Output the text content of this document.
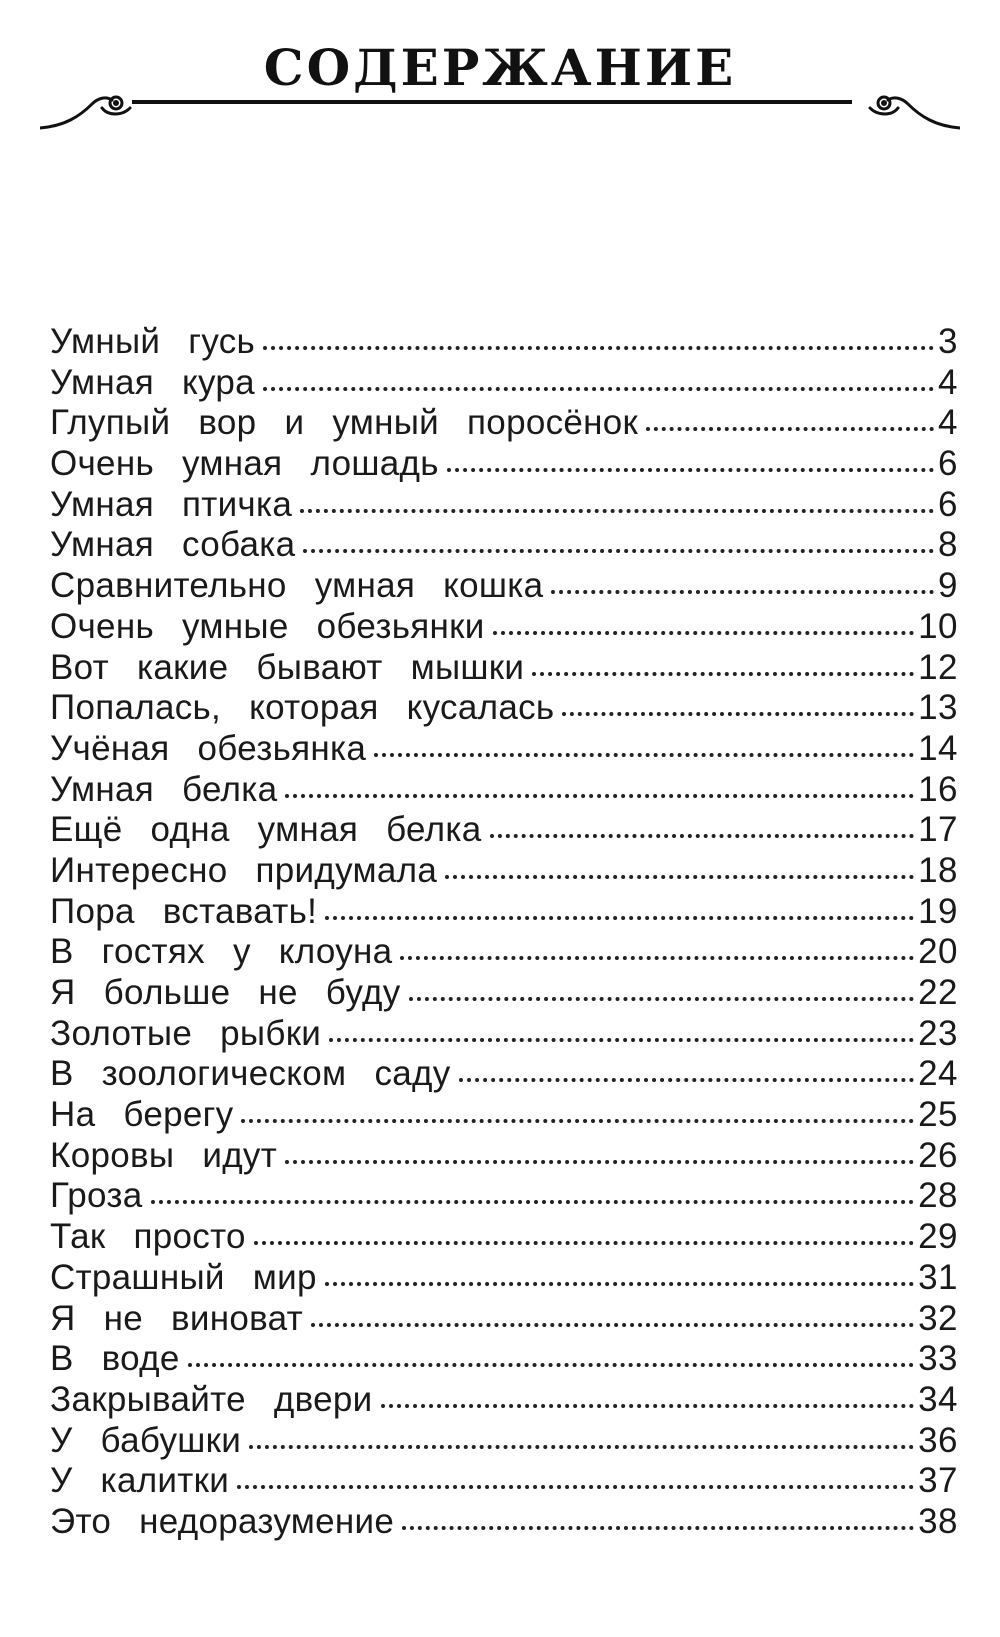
СОДЕРЖАНИЕ
Умный гусь	3
Умная кура	4
Глупый вор и умный поросёнок	4
Очень умная лошадь	6
Умная птичка	6
Умная собака	8
Сравнительно умная кошка	9
Очень умные обезьянки	10
Вот какие бывают мышки	12
Попалась, которая кусалась	13
Учёная обезьянка	14
Умная белка	16
Ещё одна умная белка	17
Интересно придумала	18
Пора вставать!	19
В гостях у клоуна	20
Я больше не буду	22
Золотые рыбки	23
В зоологическом саду	24
На берегу	25
Коровы идут	26
Гроза	28
Так просто	29
Страшный мир	31
Я не виноват	32
В воде	33
Закрывайте двери	34
У бабушки	36
У калитки	37
Это недоразумение	38
